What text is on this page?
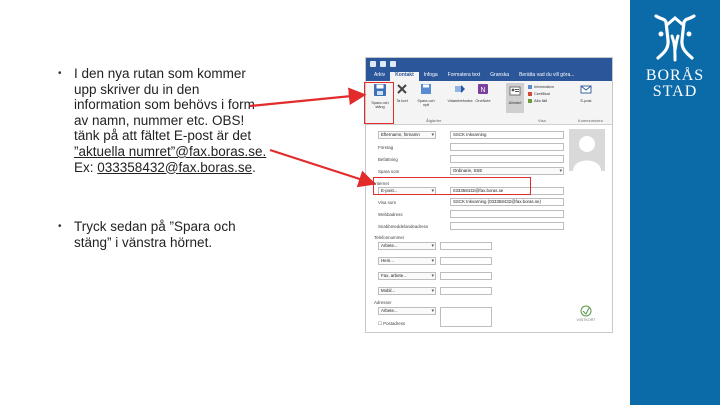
• I den nya rutan som kommer
upp skriver du in den
information som behövs i form
av namn, nummer etc. OBS!
tänk på att fältet E-post är det
”aktuella numret”@fax.boras.se.
Ex: 033358432@fax.boras.se.
• Tryck sedan på ”Spara och
stäng” i vänstra hörnet.
Arkiv	Kontakt	Infoga	Formatera text	Granska	Berätta vad du vill göra...
Spara och stäng
Ta bort	Spara och nytt
Vidarebefordra
N
OneNote	Allmänt
Information
Certifikat
Alla fält	E-post
Åtgärder	Visa	Kommunicera
Efternamn, förnamn ▾	SSCK Inkvarning
Företag
Befattning
Spara som	Ordinarie, SSE ▾
Internet
E-post... ▾	033358432@fax.boras.se
Visa som	SSCK Inkvarning (033358432@fax.boras.se)
Webbadress
Snabbmeddelandeadress
Telefonnummer
Arbete... ▾
Hem... ▾
Fax, arbete... ▾
Mobil... ▾
Adresser
Arbete... ▾
☐ Postadress
VISITKORT
BORÅS
STAD
